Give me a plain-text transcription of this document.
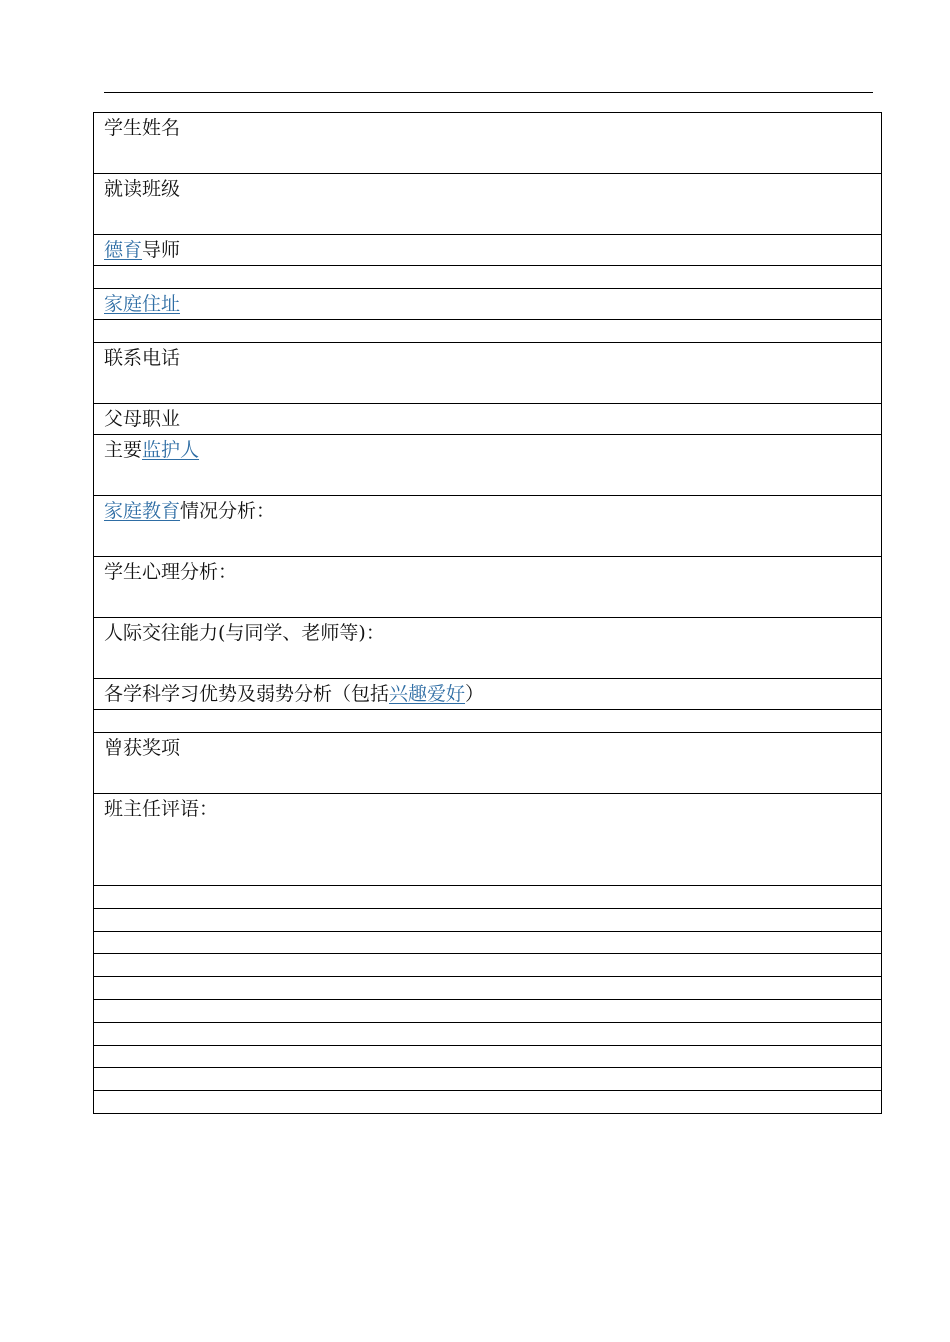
学生姓名

就读班级

德育导师

家庭住址

联系电话

父母职业

主要监护人

家庭教育情况分析：

学生心理分析：

人际交往能力(与同学、老师等)：

各学科学习优势及弱势分析（包括兴趣爱好）

曾获奖项

班主任评语：
